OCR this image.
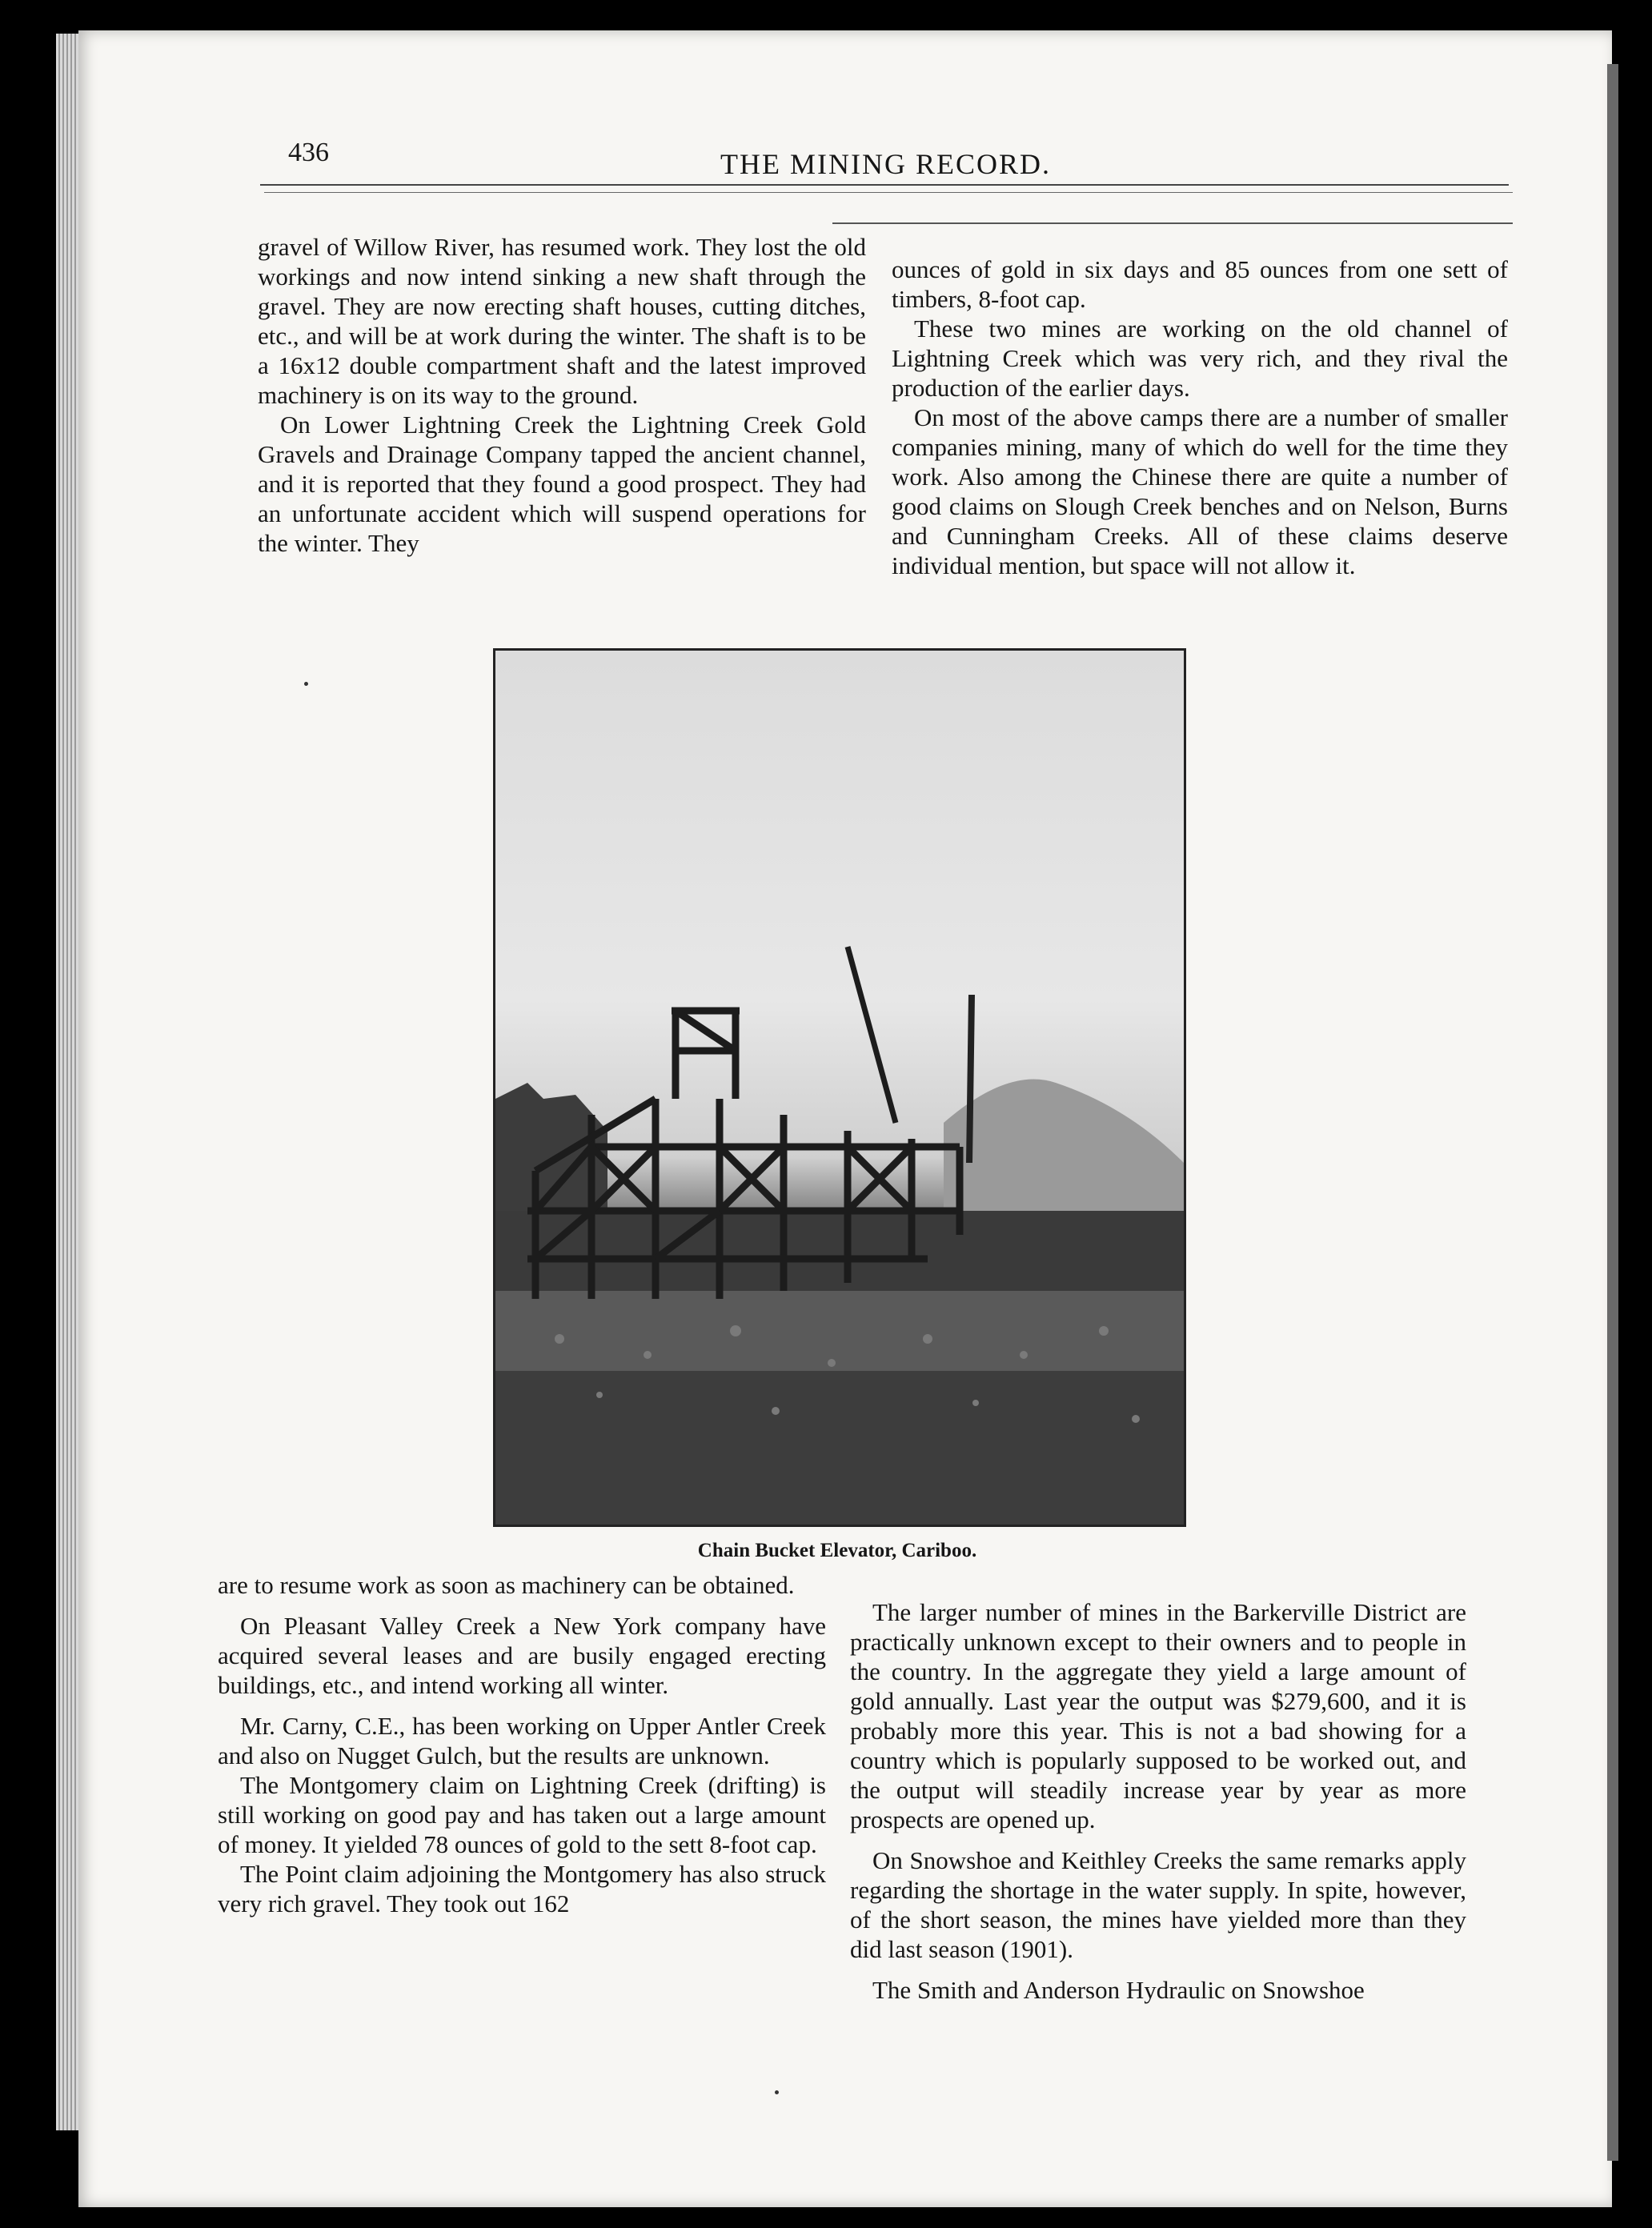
436	THE MINING RECORD.

gravel of Willow River, has resumed work. They lost the old workings and now intend sinking a new shaft through the gravel. They are now erecting shaft houses, cutting ditches, etc., and will be at work during the winter. The shaft is to be a 16x12 double compartment shaft and the latest improved machinery is on its way to the ground.

On Lower Lightning Creek the Lightning Creek Gold Gravels and Drainage Company tapped the ancient channel, and it is reported that they found a good prospect. They had an unfortunate accident which will suspend operations for the winter. They

ounces of gold in six days and 85 ounces from one sett of timbers, 8-foot cap.

These two mines are working on the old channel of Lightning Creek which was very rich, and they rival the production of the earlier days.

On most of the above camps there are a number of smaller companies mining, many of which do well for the time they work. Also among the Chinese there are quite a number of good claims on Slough Creek benches and on Nelson, Burns and Cunningham Creeks. All of these claims deserve individual mention, but space will not allow it.

Chain Bucket Elevator, Cariboo.

are to resume work as soon as machinery can be obtained.

On Pleasant Valley Creek a New York company have acquired several leases and are busily engaged erecting buildings, etc., and intend working all winter.

Mr. Carny, C.E., has been working on Upper Antler Creek and also on Nugget Gulch, but the results are unknown.

The Montgomery claim on Lightning Creek (drifting) is still working on good pay and has taken out a large amount of money. It yielded 78 ounces of gold to the sett 8-foot cap.

The Point claim adjoining the Montgomery has also struck very rich gravel. They took out 162

The larger number of mines in the Barkerville District are practically unknown except to their owners and to people in the country. In the aggregate they yield a large amount of gold annually. Last year the output was $279,600, and it is probably more this year. This is not a bad showing for a country which is popularly supposed to be worked out, and the output will steadily increase year by year as more prospects are opened up.

On Snowshoe and Keithley Creeks the same remarks apply regarding the shortage in the water supply. In spite, however, of the short season, the mines have yielded more than they did last season (1901).

The Smith and Anderson Hydraulic on Snowshoe
